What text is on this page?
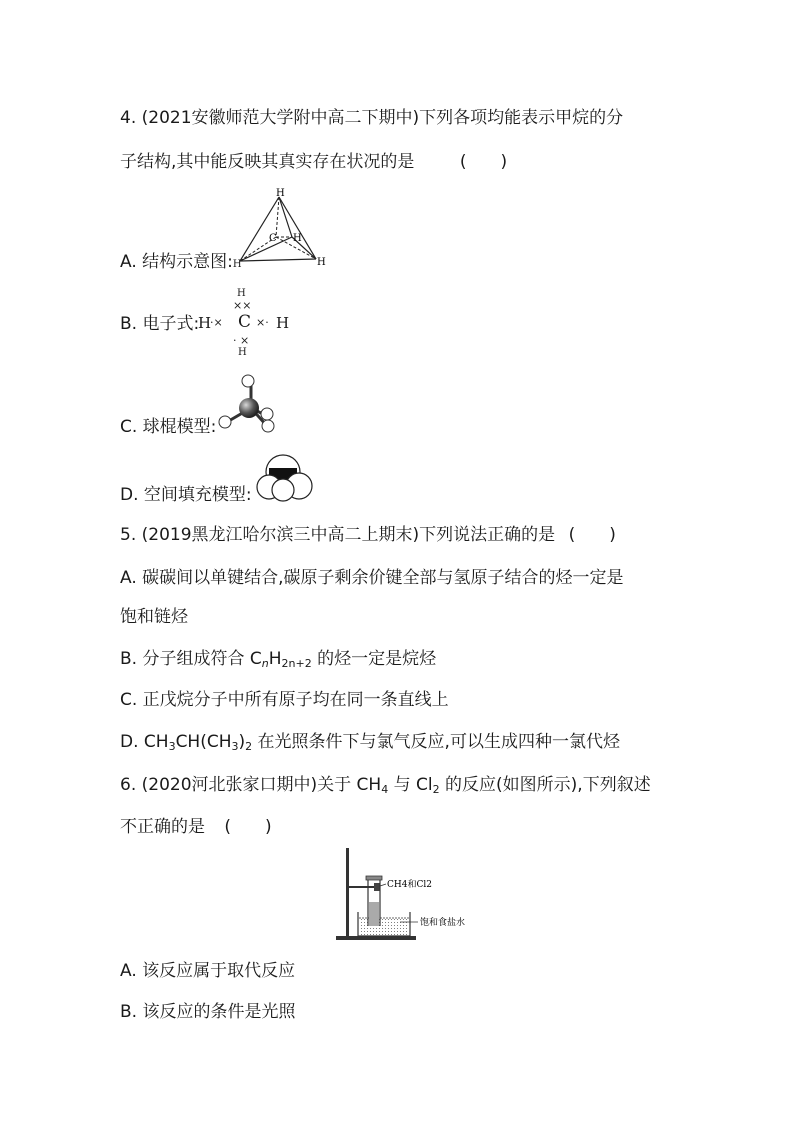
4. (2021安徽师范大学附中高二下期中)下列各项均能表示甲烷的分
子结构,其中能反映其真实存在状况的是	(　　)
H
C H
H
A. 结构示意图:H
B. 电子式:
H
××
H
·× C ×· H
· ×
H
C. 球棍模型:
D. 空间填充模型:
5. (2019黑龙江哈尔滨三中高二上期末)下列说法正确的是 (　　)
A. 碳碳间以单键结合,碳原子剩余价键全部与氢原子结合的烃一定是
饱和链烃
B. 分子组成符合 $C_nH_{2n+2}$ 的烃一定是烷烃
C. 正戊烷分子中所有原子均在同一条直线上
D. $CH_3CH(CH_3)_2$ 在光照条件下与氯气反应,可以生成四种一氯代烃
6. (2020河北张家口期中)关于 $CH_4$ 与 $Cl_2$ 的反应(如图所示),下列叙述
不正确的是 (　　)
CH4和Cl2
饱和食盐水
A. 该反应属于取代反应
B. 该反应的条件是光照
